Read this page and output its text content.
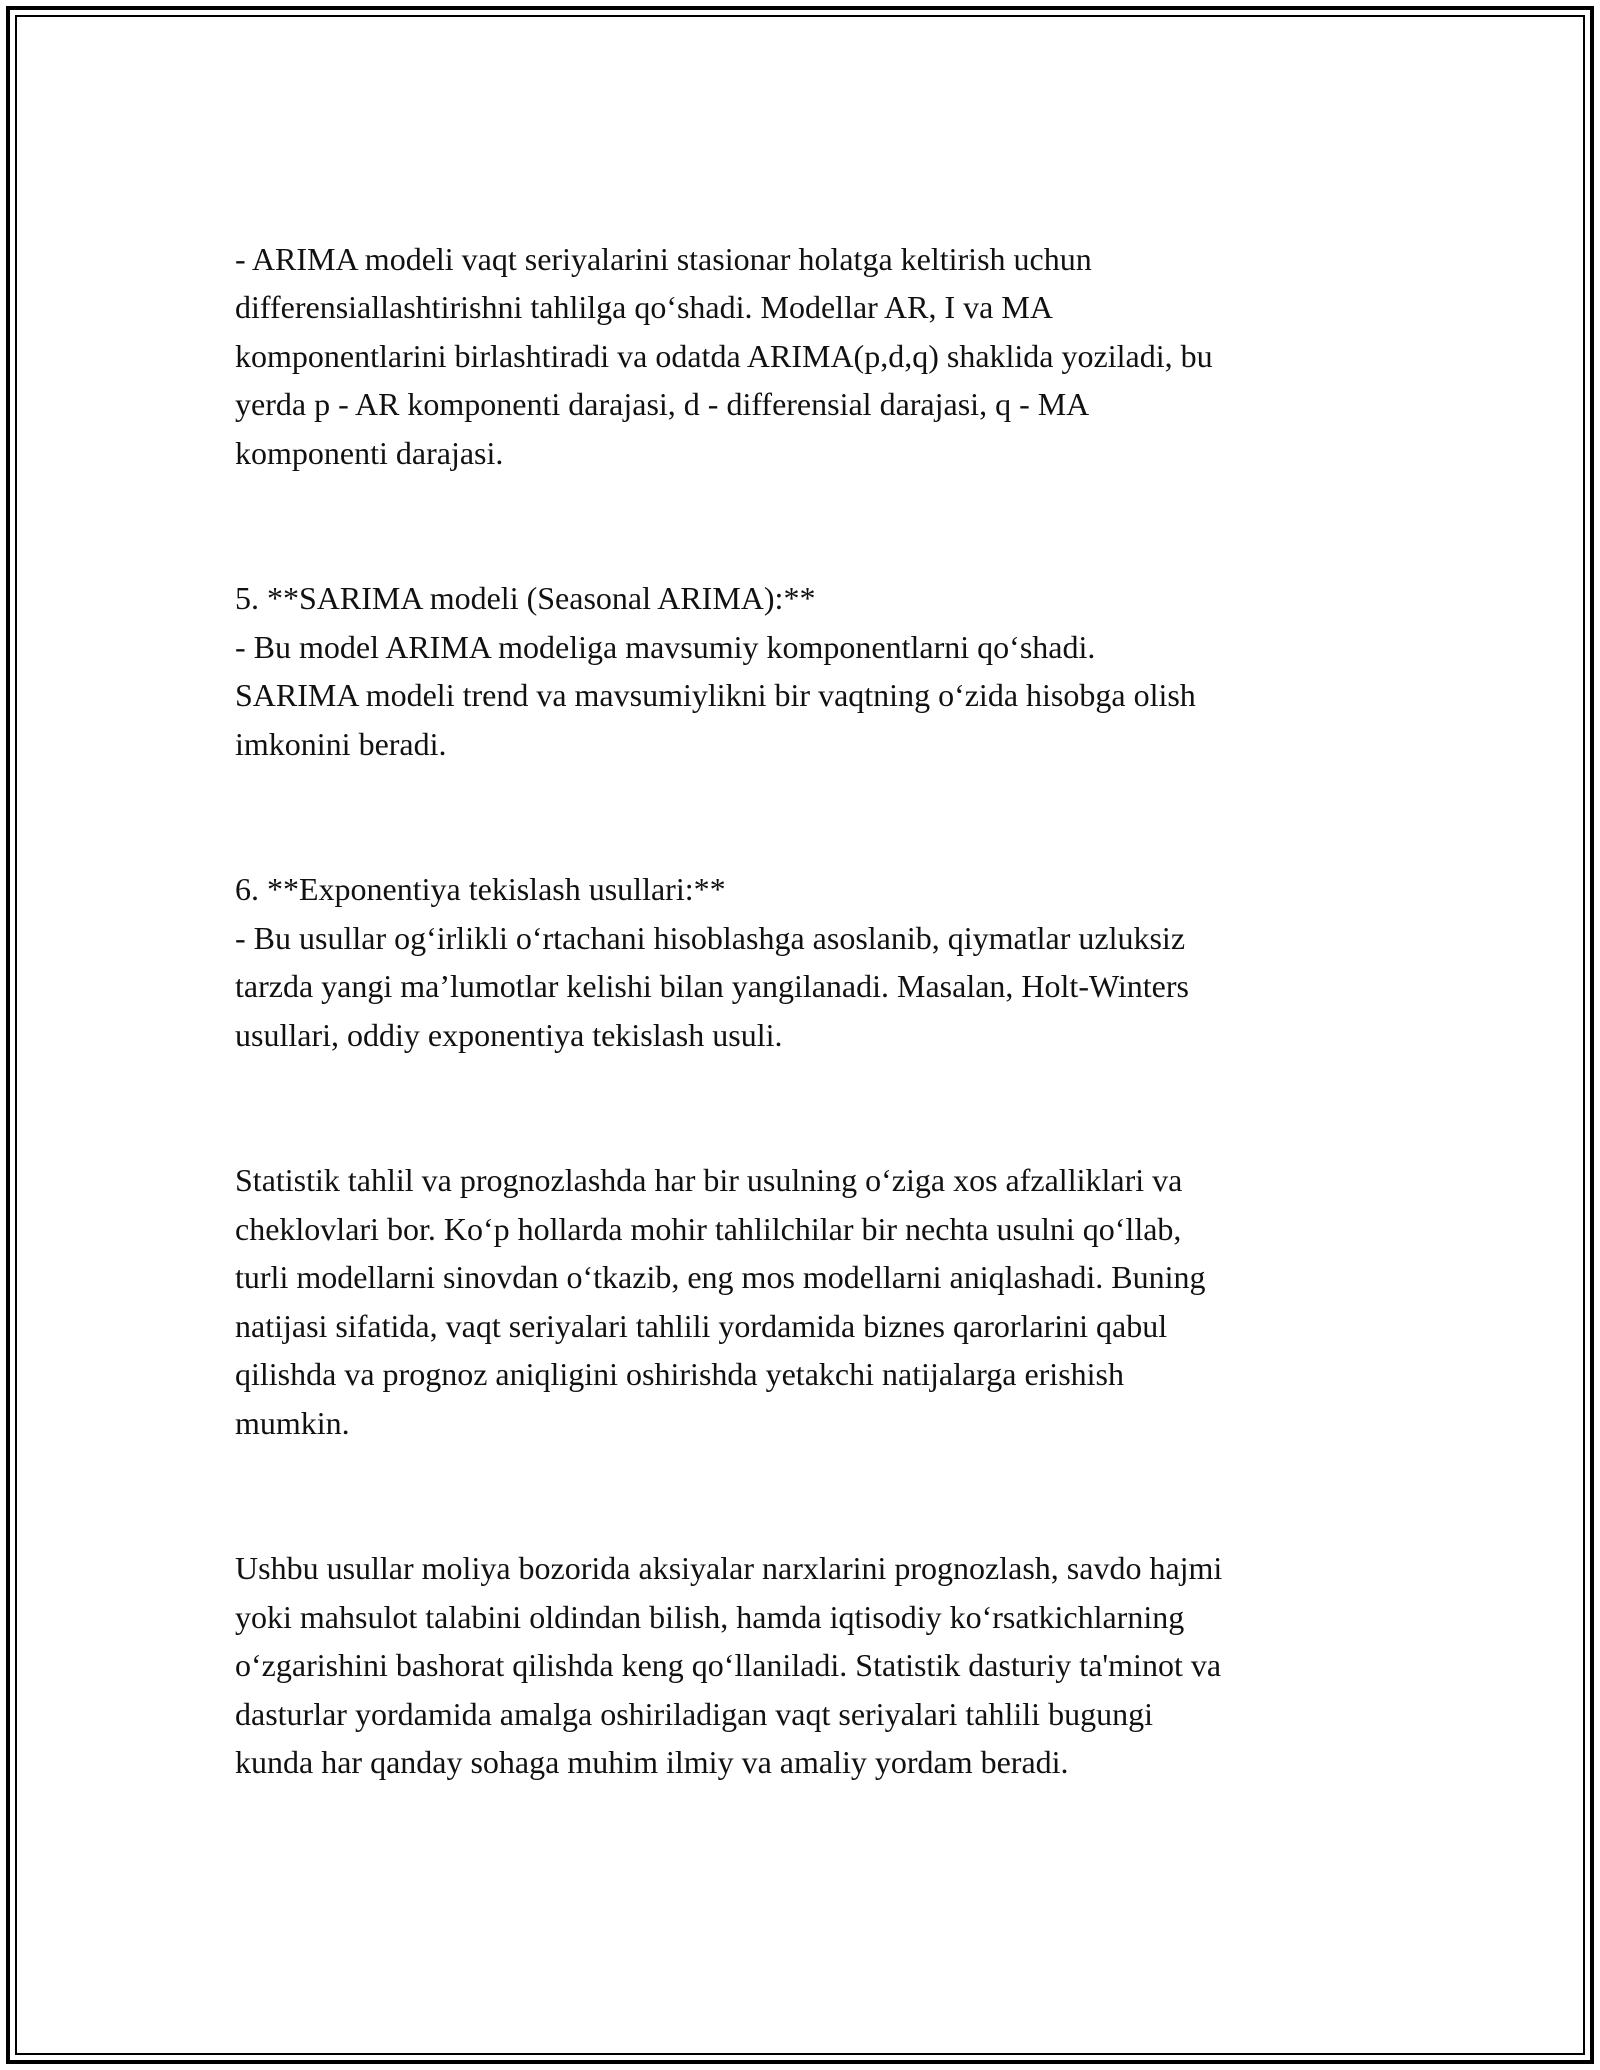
- ARIMA modeli vaqt seriyalarini stasionar holatga keltirish uchun
differensiallashtirishni tahlilga qo‘shadi. Modellar AR, I va MA
komponentlarini birlashtiradi va odatda ARIMA(p,d,q) shaklida yoziladi, bu
yerda p - AR komponenti darajasi, d - differensial darajasi, q - MA
komponenti darajasi.

5. **SARIMA modeli (Seasonal ARIMA):**
- Bu model ARIMA modeliga mavsumiy komponentlarni qo‘shadi.
SARIMA modeli trend va mavsumiylikni bir vaqtning o‘zida hisobga olish
imkonini beradi.

6. **Exponentiya tekislash usullari:**
- Bu usullar og‘irlikli o‘rtachani hisoblashga asoslanib, qiymatlar uzluksiz
tarzda yangi ma’lumotlar kelishi bilan yangilanadi. Masalan, Holt-Winters
usullari, oddiy exponentiya tekislash usuli.

Statistik tahlil va prognozlashda har bir usulning o‘ziga xos afzalliklari va
cheklovlari bor. Ko‘p hollarda mohir tahlilchilar bir nechta usulni qo‘llab,
turli modellarni sinovdan o‘tkazib, eng mos modellarni aniqlashadi. Buning
natijasi sifatida, vaqt seriyalari tahlili yordamida biznes qarorlarini qabul
qilishda va prognoz aniqligini oshirishda yetakchi natijalarga erishish
mumkin.

Ushbu usullar moliya bozorida aksiyalar narxlarini prognozlash, savdo hajmi
yoki mahsulot talabini oldindan bilish, hamda iqtisodiy ko‘rsatkichlarning
o‘zgarishini bashorat qilishda keng qo‘llaniladi. Statistik dasturiy ta'minot va
dasturlar yordamida amalga oshiriladigan vaqt seriyalari tahlili bugungi
kunda har qanday sohaga muhim ilmiy va amaliy yordam beradi.
